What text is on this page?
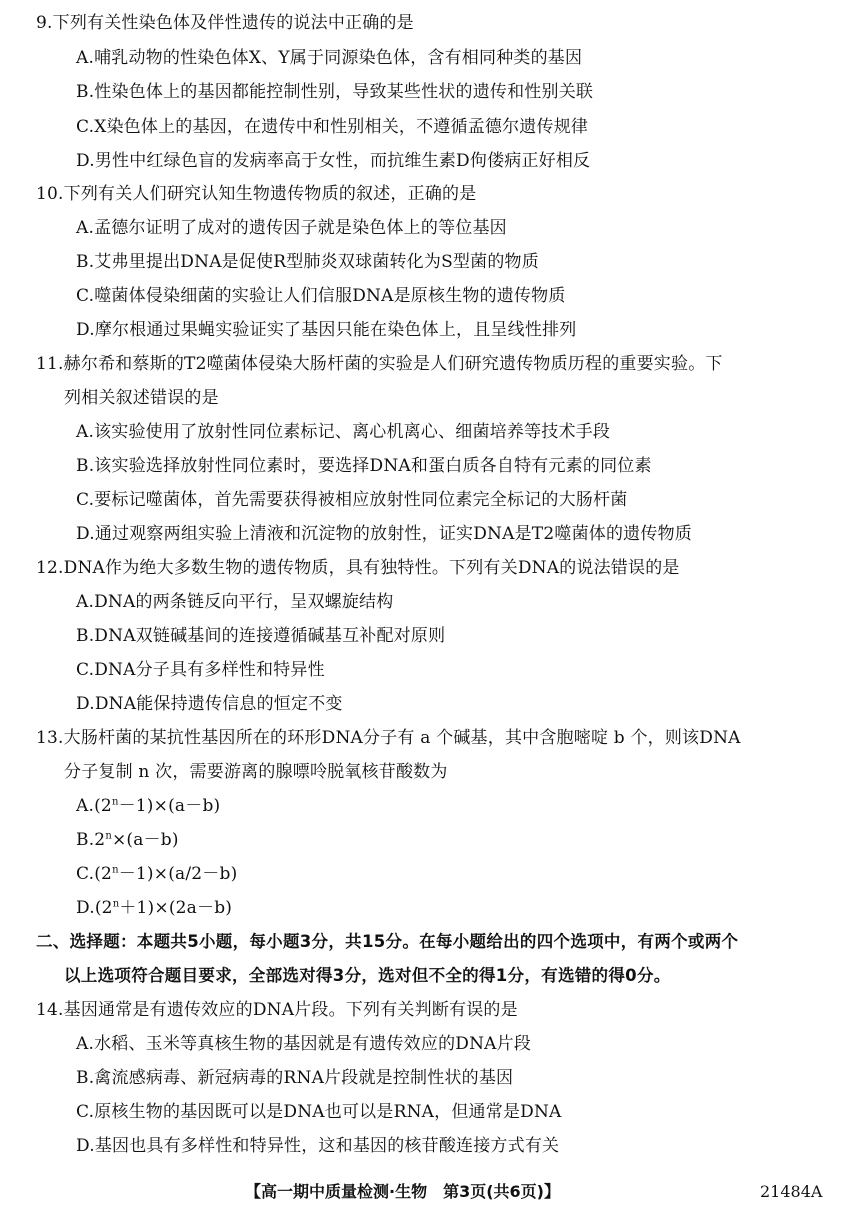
9.下列有关性染色体及伴性遗传的说法中正确的是
A.哺乳动物的性染色体X、Y属于同源染色体，含有相同种类的基因
B.性染色体上的基因都能控制性别，导致某些性状的遗传和性别关联
C.X染色体上的基因，在遗传中和性别相关，不遵循孟德尔遗传规律
D.男性中红绿色盲的发病率高于女性，而抗维生素D佝偻病正好相反
10.下列有关人们研究认知生物遗传物质的叙述，正确的是
A.孟德尔证明了成对的遗传因子就是染色体上的等位基因
B.艾弗里提出DNA是促使R型肺炎双球菌转化为S型菌的物质
C.噬菌体侵染细菌的实验让人们信服DNA是原核生物的遗传物质
D.摩尔根通过果蝇实验证实了基因只能在染色体上，且呈线性排列
11.赫尔希和蔡斯的T2噬菌体侵染大肠杆菌的实验是人们研究遗传物质历程的重要实验。下
列相关叙述错误的是
A.该实验使用了放射性同位素标记、离心机离心、细菌培养等技术手段
B.该实验选择放射性同位素时，要选择DNA和蛋白质各自特有元素的同位素
C.要标记噬菌体，首先需要获得被相应放射性同位素完全标记的大肠杆菌
D.通过观察两组实验上清液和沉淀物的放射性，证实DNA是T2噬菌体的遗传物质
12.DNA作为绝大多数生物的遗传物质，具有独特性。下列有关DNA的说法错误的是
A.DNA的两条链反向平行，呈双螺旋结构
B.DNA双链碱基间的连接遵循碱基互补配对原则
C.DNA分子具有多样性和特异性
D.DNA能保持遗传信息的恒定不变
13.大肠杆菌的某抗性基因所在的环形DNA分子有 a 个碱基，其中含胞嘧啶 b 个，则该DNA
分子复制 n 次，需要游离的腺嘌呤脱氧核苷酸数为
$A.(2^n-1)\times(a-b)$
$B.2^n\times(a-b)$
$C.(2^n-1)\times(a/2-b)$
$D.(2^n+1)\times(2a-b)$
二、选择题：本题共5小题，每小题3分，共15分。在每小题给出的四个选项中，有两个或两个
以上选项符合题目要求，全部选对得3分，选对但不全的得1分，有选错的得0分。
14.基因通常是有遗传效应的DNA片段。下列有关判断有误的是
A.水稻、玉米等真核生物的基因就是有遗传效应的DNA片段
B.禽流感病毒、新冠病毒的RNA片段就是控制性状的基因
C.原核生物的基因既可以是DNA也可以是RNA，但通常是DNA
D.基因也具有多样性和特异性，这和基因的核苷酸连接方式有关
【高一期中质量检测·生物　第3页(共6页)】	21484A
